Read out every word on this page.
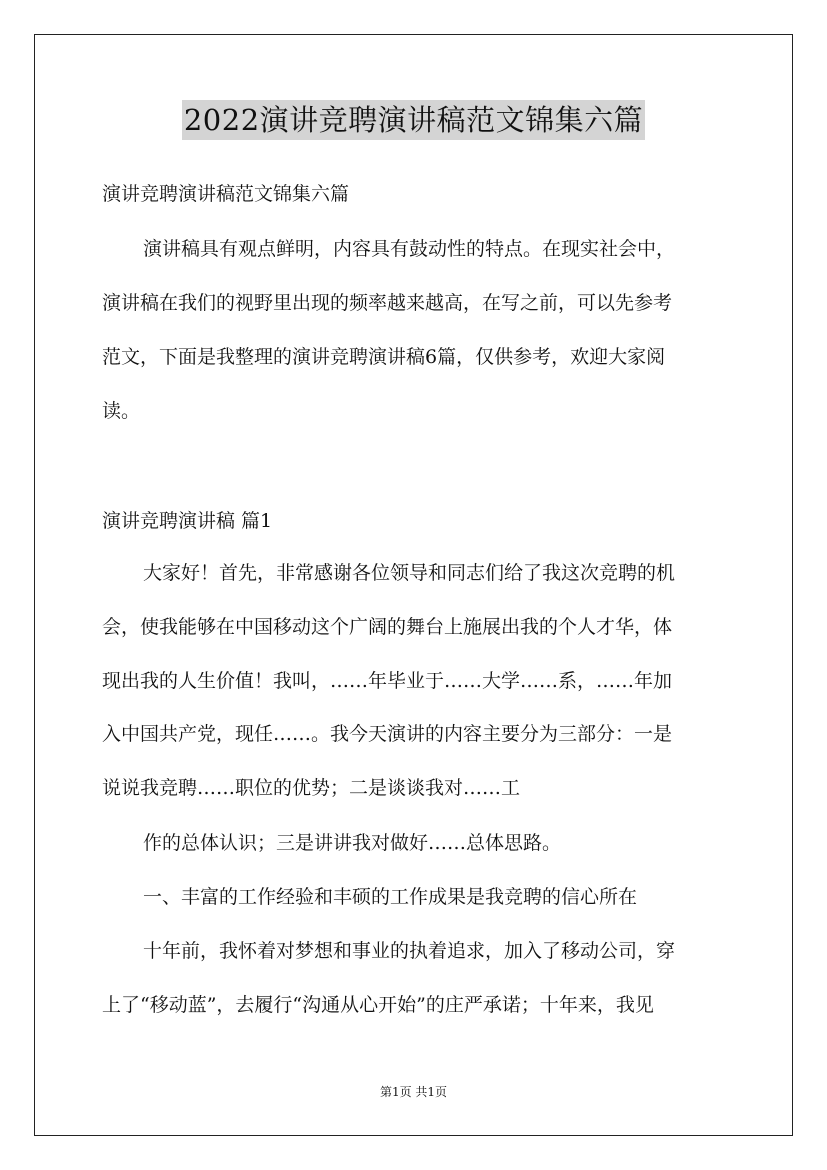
2022演讲竞聘演讲稿范文锦集六篇
演讲竞聘演讲稿范文锦集六篇
演讲稿具有观点鲜明，内容具有鼓动性的特点。在现实社会中，
演讲稿在我们的视野里出现的频率越来越高，在写之前，可以先参考
范文，下面是我整理的演讲竞聘演讲稿6篇，仅供参考，欢迎大家阅
读。
演讲竞聘演讲稿 篇1
大家好！首先，非常感谢各位领导和同志们给了我这次竞聘的机
会，使我能够在中国移动这个广阔的舞台上施展出我的个人才华，体
现出我的人生价值！我叫，……年毕业于……大学……系，……年加
入中国共产党，现任……。我今天演讲的内容主要分为三部分：一是
说说我竞聘……职位的优势；二是谈谈我对……工
作的总体认识；三是讲讲我对做好……总体思路。
一、丰富的工作经验和丰硕的工作成果是我竞聘的信心所在
十年前，我怀着对梦想和事业的执着追求，加入了移动公司，穿
上了“移动蓝”，去履行“沟通从心开始”的庄严承诺；十年来，我见
第1页 共1页
